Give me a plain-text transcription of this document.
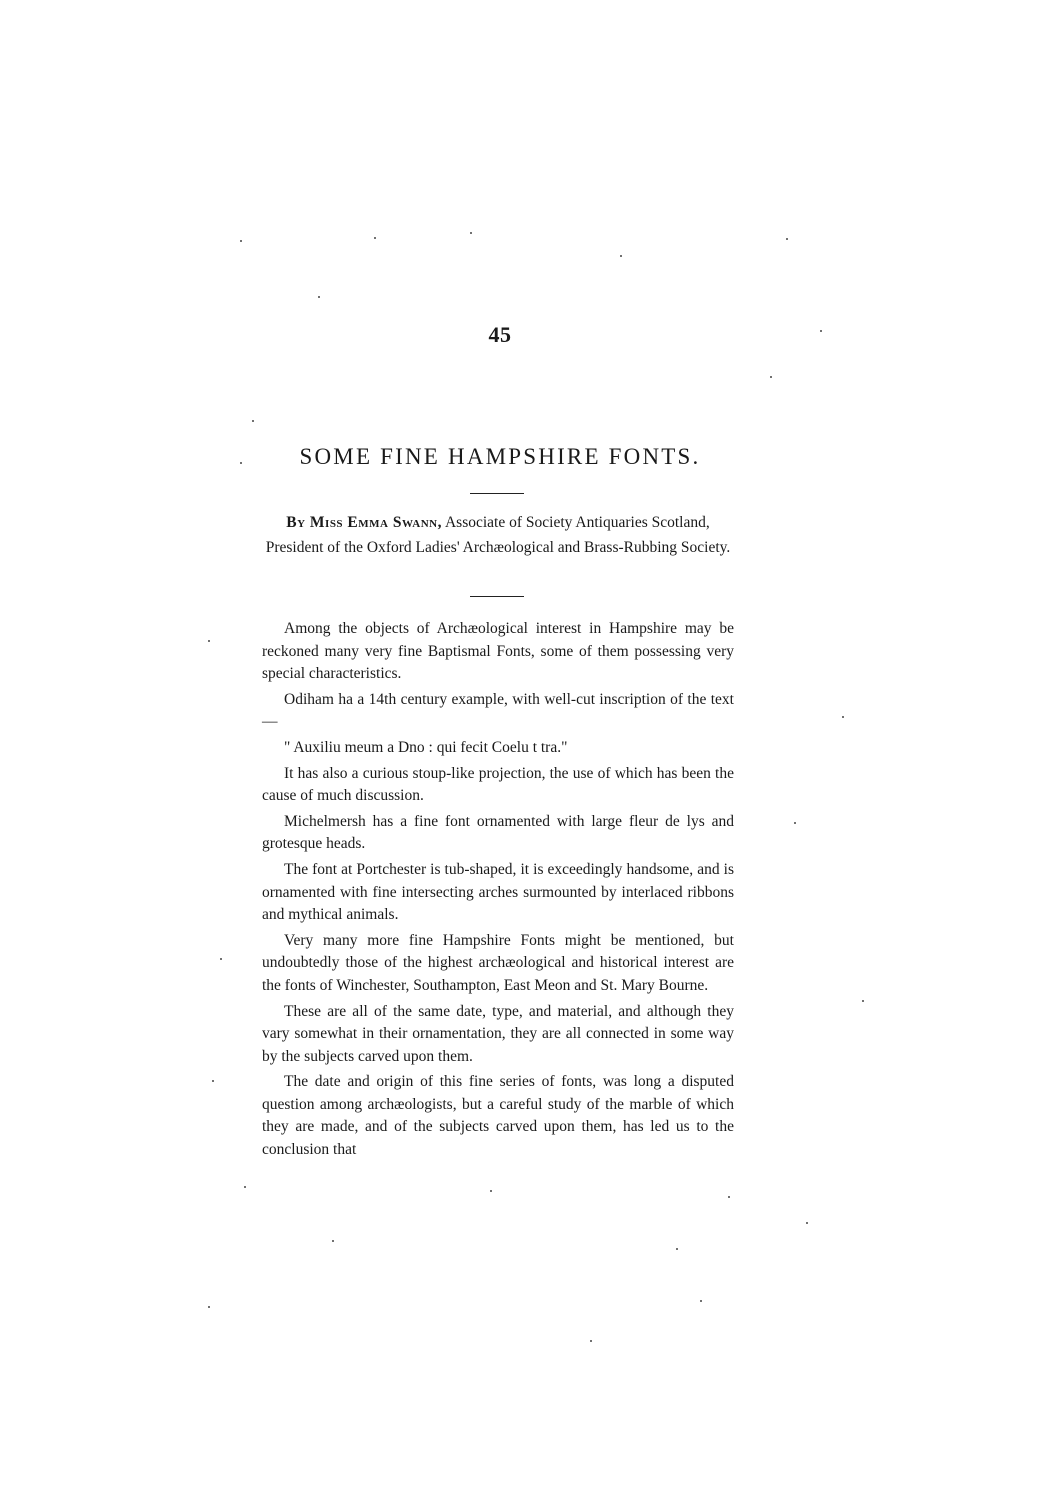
45
SOME FINE HAMPSHIRE FONTS.
By Miss Emma Swann, Associate of Society Antiquaries Scotland, President of the Oxford Ladies' Archæological and Brass-Rubbing Society.

Among the objects of Archæological interest in Hampshire may be reckoned many very fine Baptismal Fonts, some of them possessing very special characteristics.

Odiham ha a 14th century example, with well-cut inscription of the text—

" Auxiliu meum a Dno : qui fecit Coelu t tra."

It has also a curious stoup-like projection, the use of which has been the cause of much discussion.

Michelmersh has a fine font ornamented with large fleur de lys and grotesque heads.

The font at Portchester is tub-shaped, it is exceedingly handsome, and is ornamented with fine intersecting arches surmounted by interlaced ribbons and mythical animals.

Very many more fine Hampshire Fonts might be mentioned, but undoubtedly those of the highest archæological and historical interest are the fonts of Winchester, Southampton, East Meon and St. Mary Bourne.

These are all of the same date, type, and material, and although they vary somewhat in their ornamentation, they are all connected in some way by the subjects carved upon them.

The date and origin of this fine series of fonts, was long a disputed question among archæologists, but a careful study of the marble of which they are made, and of the subjects carved upon them, has led us to the conclusion that
